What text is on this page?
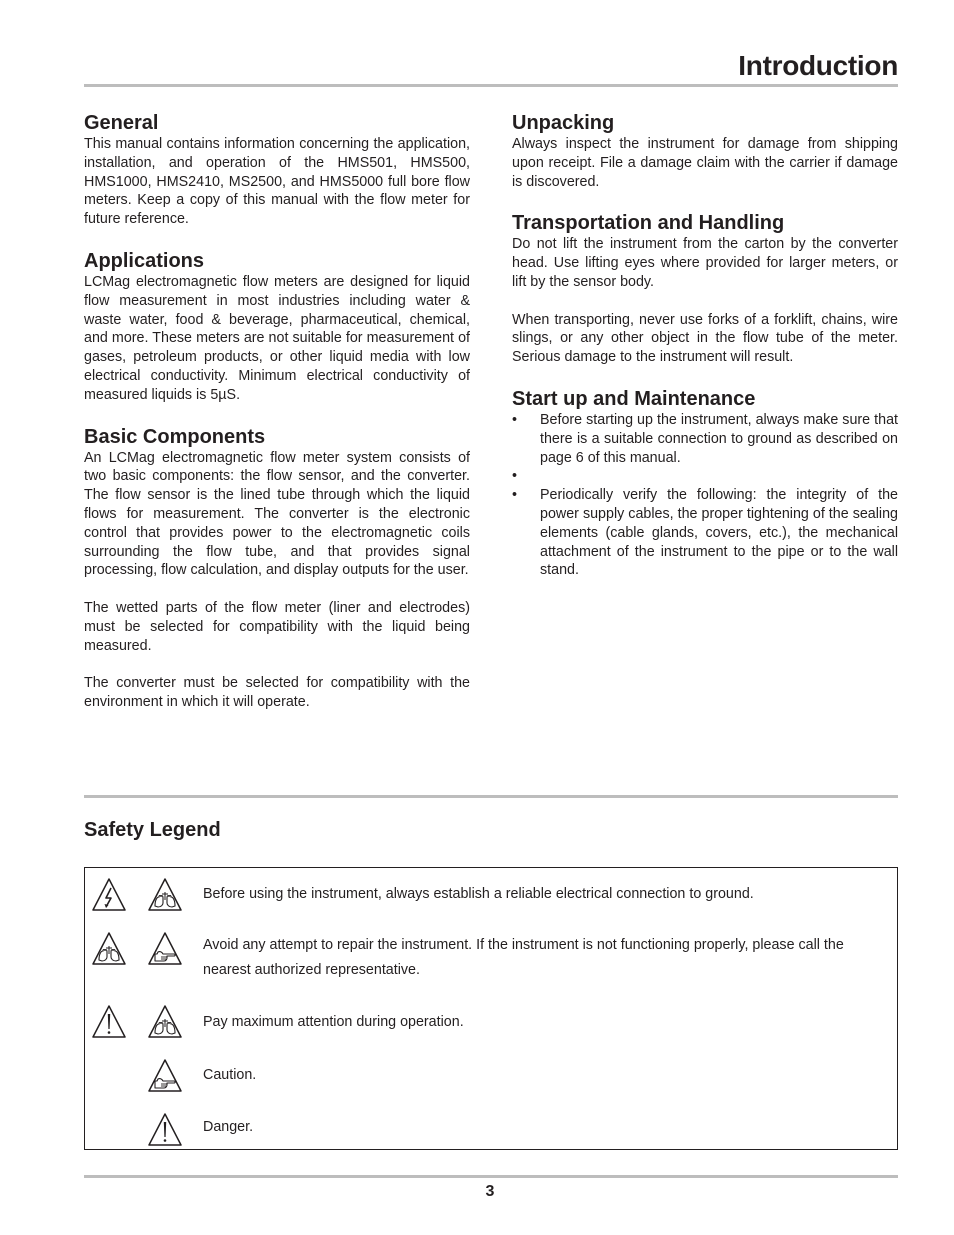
Introduction
General

This manual contains information concerning the application, installation, and operation of the HMS501, HMS500, HMS1000, HMS2410, MS2500, and HMS5000 full bore flow meters. Keep a copy of this manual with the flow meter for future reference.

Applications

LCMag electromagnetic flow meters are designed for liquid flow measurement in most industries including water & waste water, food & beverage, pharmaceutical, chemical, and more. These meters are not suitable for measurement of gases, petroleum products, or other liquid media with low electrical conductivity. Minimum electrical conductivity of measured liquids is 5µS.

Basic Components

An LCMag electromagnetic flow meter system consists of two basic components: the flow sensor, and the converter. The flow sensor is the lined tube through which the liquid flows for measurement. The converter is the electronic control that provides power to the electromagnetic coils surrounding the flow tube, and that provides signal processing, flow calculation, and display outputs for the user.

The wetted parts of the flow meter (liner and electrodes) must be selected for compatibility with the liquid being measured.

The converter must be selected for compatibility with the environment in which it will operate.

Unpacking

Always inspect the instrument for damage from shipping upon receipt. File a damage claim with the carrier if damage is discovered.

Transportation and Handling

Do not lift the instrument from the carton by the converter head. Use lifting eyes where provided for larger meters, or lift by the sensor body.

When transporting, never use forks of a forklift, chains, wire slings, or any other object in the flow tube of the meter. Serious damage to the instrument will result.

Start up and Maintenance
• Before starting up the instrument, always make sure that there is a suitable connection to ground as described on page 6 of this manual.
•
• Periodically verify the following: the integrity of the power supply cables, the proper tightening of the sealing elements (cable glands, covers, etc.), the mechanical attachment of the instrument to the pipe or to the wall stand.
Safety Legend
Before using the instrument, always establish a reliable electrical connection to ground.
Avoid any attempt to repair the instrument. If the instrument is not functioning properly, please call the nearest authorized representative.
Pay maximum attention during operation.
Caution.
Danger.
3
